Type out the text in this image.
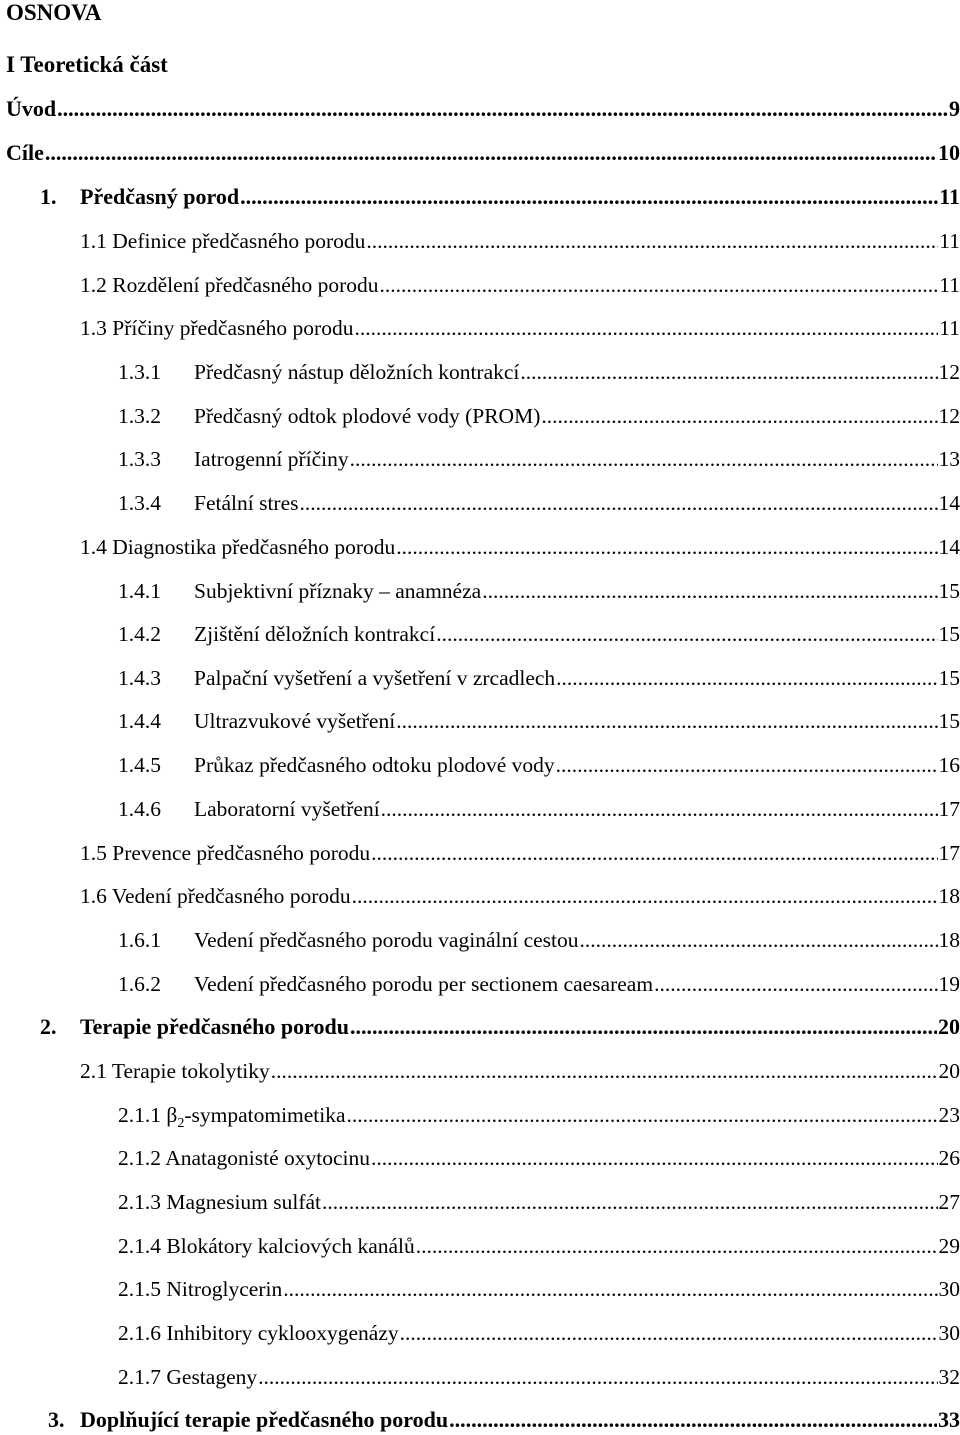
OSNOVA
I Teoretická část
Úvod .....	9
Cíle .....	10
1.	Předčasný porod .....	11
1.1 Definice předčasného porodu .....	11
1.2 Rozdělení předčasného porodu .....	11
1.3 Příčiny předčasného porodu .....	11
1.3.1	Předčasný nástup děložních kontrakcí .....	12
1.3.2	Předčasný odtok plodové vody (PROM) .....	12
1.3.3	Iatrogenní příčiny .....	13
1.3.4	Fetální stres .....	14
1.4 Diagnostika předčasného porodu .....	14
1.4.1	Subjektivní příznaky – anamnéza .....	15
1.4.2	Zjištění děložních kontrakcí .....	15
1.4.3	Palpační vyšetření a vyšetření v zrcadlech .....	15
1.4.4	Ultrazvukové vyšetření .....	15
1.4.5	Průkaz předčasného odtoku plodové vody .....	16
1.4.6	Laboratorní vyšetření .....	17
1.5 Prevence předčasného porodu .....	17
1.6 Vedení předčasného porodu .....	18
1.6.1	Vedení předčasného porodu vaginální cestou .....	18
1.6.2	Vedení předčasného porodu per sectionem caesaream .....	19
2.	Terapie předčasného porodu .....	20
2.1 Terapie tokolytiky .....	20
2.1.1 $\beta_2$-sympatomimetika .....	23
2.1.2 Anatagonisté oxytocinu .....	26
2.1.3 Magnesium sulfát .....	27
2.1.4 Blokátory kalciových kanálů .....	29
2.1.5 Nitroglycerin .....	30
2.1.6 Inhibitory cyklooxygenázy .....	30
2.1.7 Gestageny .....	32
3. Doplňující terapie předčasného porodu .....	33
